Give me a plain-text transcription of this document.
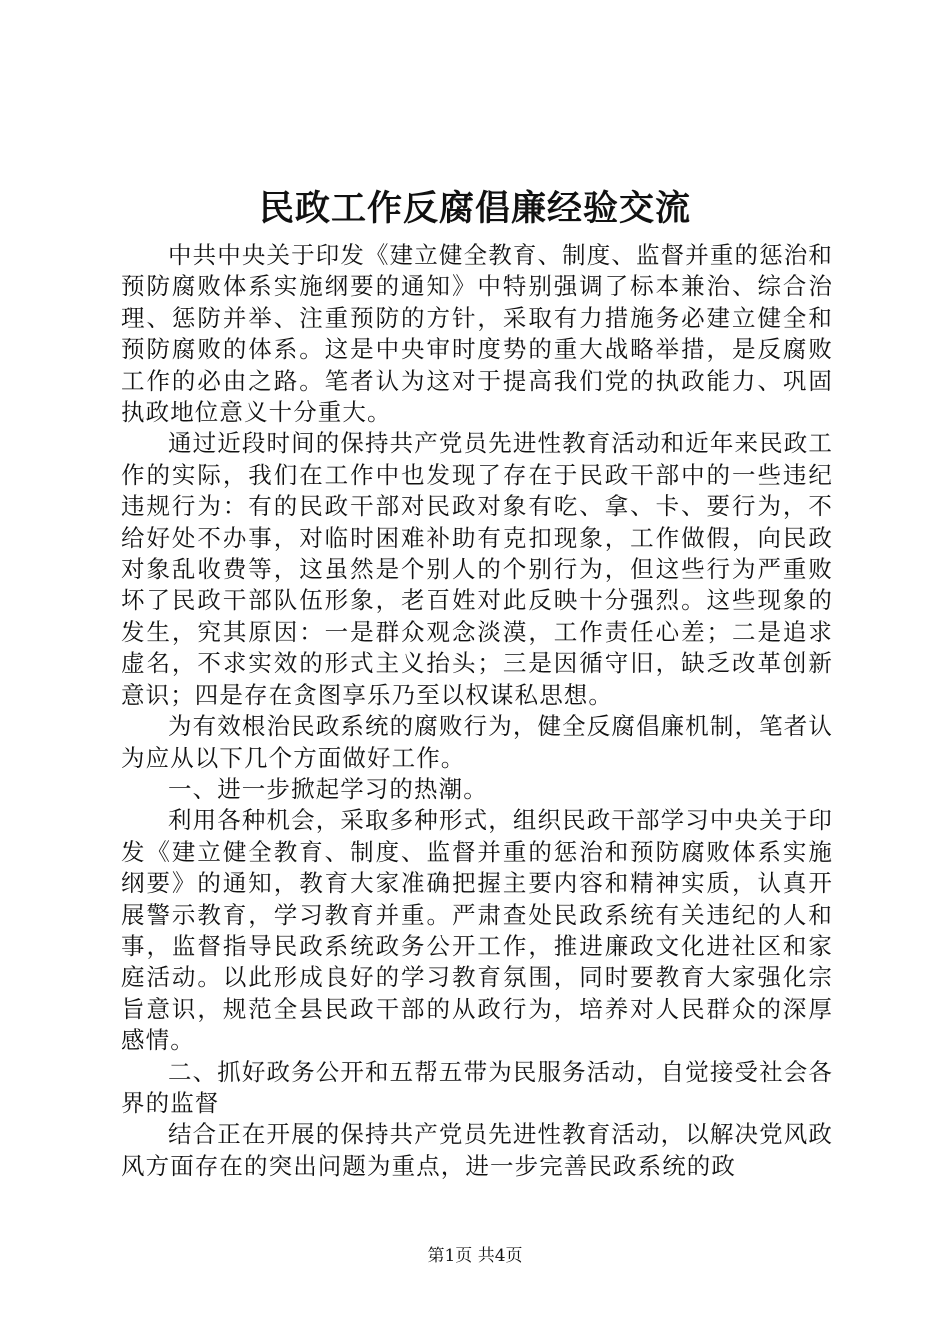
民政工作反腐倡廉经验交流

中共中央关于印发《建立健全教育、制度、监督并重的惩治和预防腐败体系实施纲要的通知》中特别强调了标本兼治、综合治理、惩防并举、注重预防的方针，采取有力措施务必建立健全和预防腐败的体系。这是中央审时度势的重大战略举措，是反腐败工作的必由之路。笔者认为这对于提高我们党的执政能力、巩固执政地位意义十分重大。

通过近段时间的保持共产党员先进性教育活动和近年来民政工作的实际，我们在工作中也发现了存在于民政干部中的一些违纪违规行为：有的民政干部对民政对象有吃、拿、卡、要行为，不给好处不办事，对临时困难补助有克扣现象，工作做假，向民政对象乱收费等，这虽然是个别人的个别行为，但这些行为严重败坏了民政干部队伍形象，老百姓对此反映十分强烈。这些现象的发生，究其原因：一是群众观念淡漠，工作责任心差；二是追求虚名，不求实效的形式主义抬头；三是因循守旧，缺乏改革创新意识；四是存在贪图享乐乃至以权谋私思想。

为有效根治民政系统的腐败行为，健全反腐倡廉机制，笔者认为应从以下几个方面做好工作。

一、进一步掀起学习的热潮。

利用各种机会，采取多种形式，组织民政干部学习中央关于印发《建立健全教育、制度、监督并重的惩治和预防腐败体系实施纲要》的通知，教育大家准确把握主要内容和精神实质，认真开展警示教育，学习教育并重。严肃查处民政系统有关违纪的人和事，监督指导民政系统政务公开工作，推进廉政文化进社区和家庭活动。以此形成良好的学习教育氛围，同时要教育大家强化宗旨意识，规范全县民政干部的从政行为，培养对人民群众的深厚感情。

二、抓好政务公开和五帮五带为民服务活动，自觉接受社会各界的监督

结合正在开展的保持共产党员先进性教育活动，以解决党风政风方面存在的突出问题为重点，进一步完善民政系统的政

第1页 共4页
